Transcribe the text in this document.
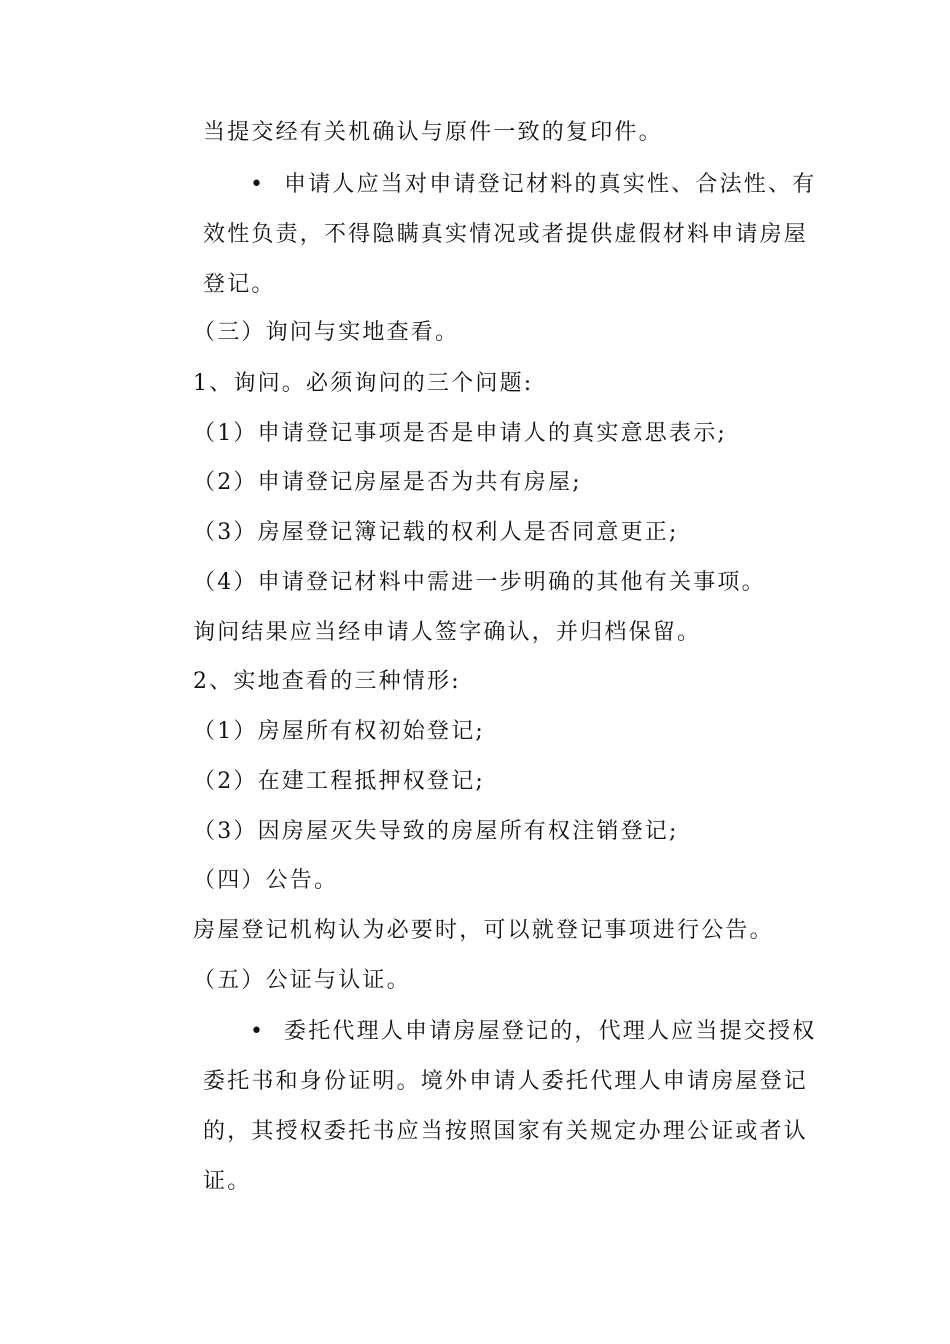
当提交经有关机确认与原件一致的复印件。
• 申请人应当对申请登记材料的真实性、合法性、有
效性负责，不得隐瞒真实情况或者提供虚假材料申请房屋
登记。
（三）询问与实地查看。
1、询问。必须询问的三个问题:
（1）申请登记事项是否是申请人的真实意思表示;
（2）申请登记房屋是否为共有房屋;
（3）房屋登记簿记载的权利人是否同意更正;
（4）申请登记材料中需进一步明确的其他有关事项。
询问结果应当经申请人签字确认，并归档保留。
2、实地查看的三种情形:
（1）房屋所有权初始登记;
（2）在建工程抵押权登记;
（3）因房屋灭失导致的房屋所有权注销登记;
（四）公告。
房屋登记机构认为必要时，可以就登记事项进行公告。
（五）公证与认证。
• 委托代理人申请房屋登记的，代理人应当提交授权
委托书和身份证明。境外申请人委托代理人申请房屋登记
的，其授权委托书应当按照国家有关规定办理公证或者认
证。
